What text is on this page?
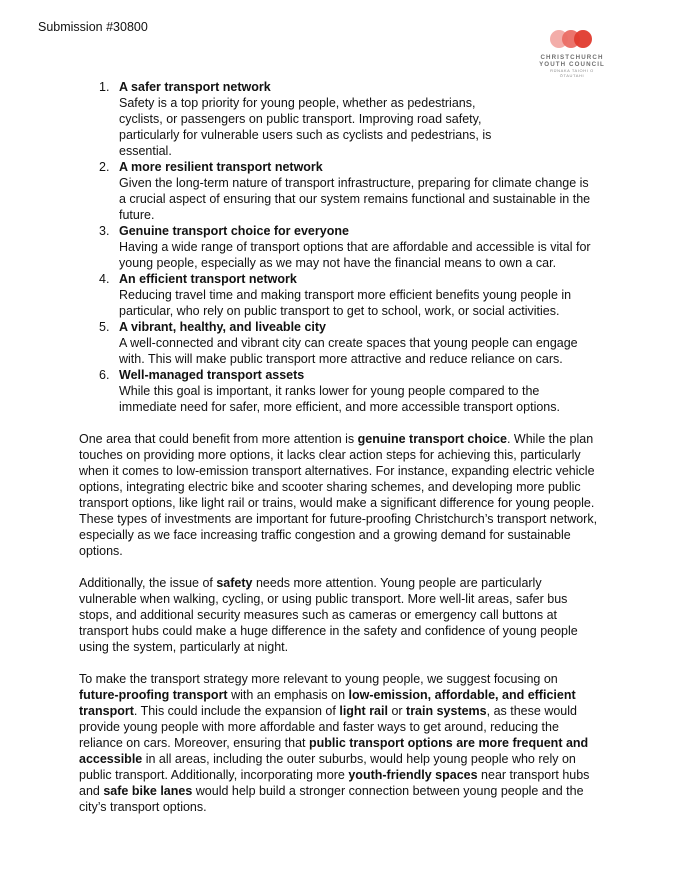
Submission #30800
CHRISTCHURCH
YOUTH COUNCIL
RŪNAKA TAIOHI O
ŌTAUTAHI
1. A safer transport network
Safety is a top priority for young people, whether as pedestrians, cyclists, or passengers on public transport. Improving road safety, particularly for vulnerable users such as cyclists and pedestrians, is essential.
2. A more resilient transport network
Given the long-term nature of transport infrastructure, preparing for climate change is a crucial aspect of ensuring that our system remains functional and sustainable in the future.
3. Genuine transport choice for everyone
Having a wide range of transport options that are affordable and accessible is vital for young people, especially as we may not have the financial means to own a car.
4. An efficient transport network
Reducing travel time and making transport more efficient benefits young people in particular, who rely on public transport to get to school, work, or social activities.
5. A vibrant, healthy, and liveable city
A well-connected and vibrant city can create spaces that young people can engage with. This will make public transport more attractive and reduce reliance on cars.
6. Well-managed transport assets
While this goal is important, it ranks lower for young people compared to the immediate need for safer, more efficient, and more accessible transport options.

One area that could benefit from more attention is genuine transport choice. While the plan touches on providing more options, it lacks clear action steps for achieving this, particularly when it comes to low-emission transport alternatives. For instance, expanding electric vehicle options, integrating electric bike and scooter sharing schemes, and developing more public transport options, like light rail or trains, would make a significant difference for young people. These types of investments are important for future-proofing Christchurch’s transport network, especially as we face increasing traffic congestion and a growing demand for sustainable options.

Additionally, the issue of safety needs more attention. Young people are particularly vulnerable when walking, cycling, or using public transport. More well-lit areas, safer bus stops, and additional security measures such as cameras or emergency call buttons at transport hubs could make a huge difference in the safety and confidence of young people using the system, particularly at night.

To make the transport strategy more relevant to young people, we suggest focusing on future-proofing transport with an emphasis on low-emission, affordable, and efficient transport. This could include the expansion of light rail or train systems, as these would provide young people with more affordable and faster ways to get around, reducing the reliance on cars. Moreover, ensuring that public transport options are more frequent and accessible in all areas, including the outer suburbs, would help young people who rely on public transport. Additionally, incorporating more youth-friendly spaces near transport hubs and safe bike lanes would help build a stronger connection between young people and the city’s transport options.
